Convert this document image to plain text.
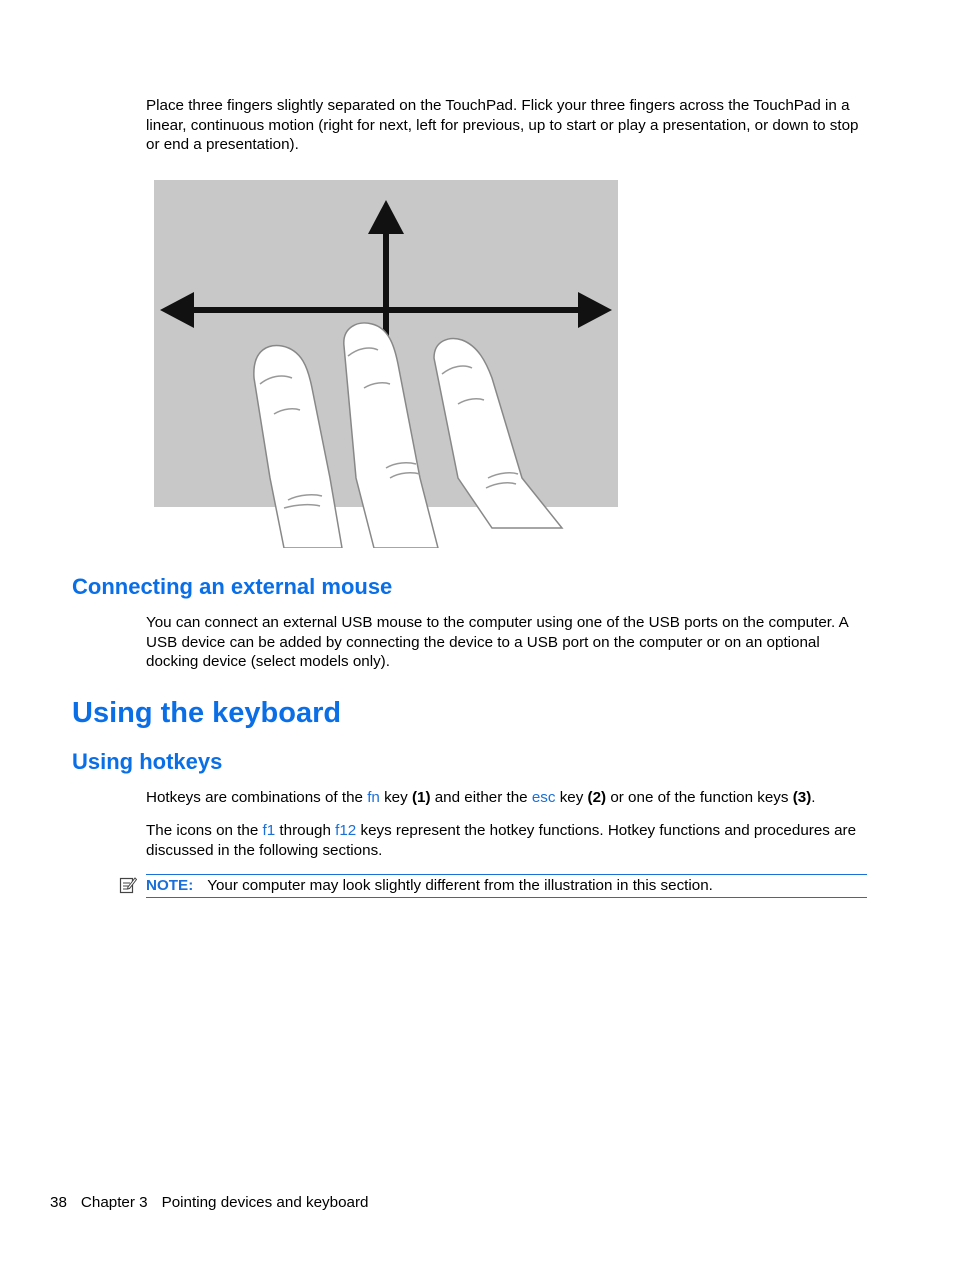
Place three fingers slightly separated on the TouchPad. Flick your three fingers across the TouchPad in a linear, continuous motion (right for next, left for previous, up to start or play a presentation, or down to stop or end a presentation).

Connecting an external mouse

You can connect an external USB mouse to the computer using one of the USB ports on the computer. A USB device can be added by connecting the device to a USB port on the computer or on an optional docking device (select models only).

Using the keyboard
Using hotkeys

Hotkeys are combinations of the fn key (1) and either the esc key (2) or one of the function keys (3).

The icons on the f1 through f12 keys represent the hotkey functions. Hotkey functions and procedures are discussed in the following sections.

NOTE: Your computer may look slightly different from the illustration in this section.
38 Chapter 3 Pointing devices and keyboard
